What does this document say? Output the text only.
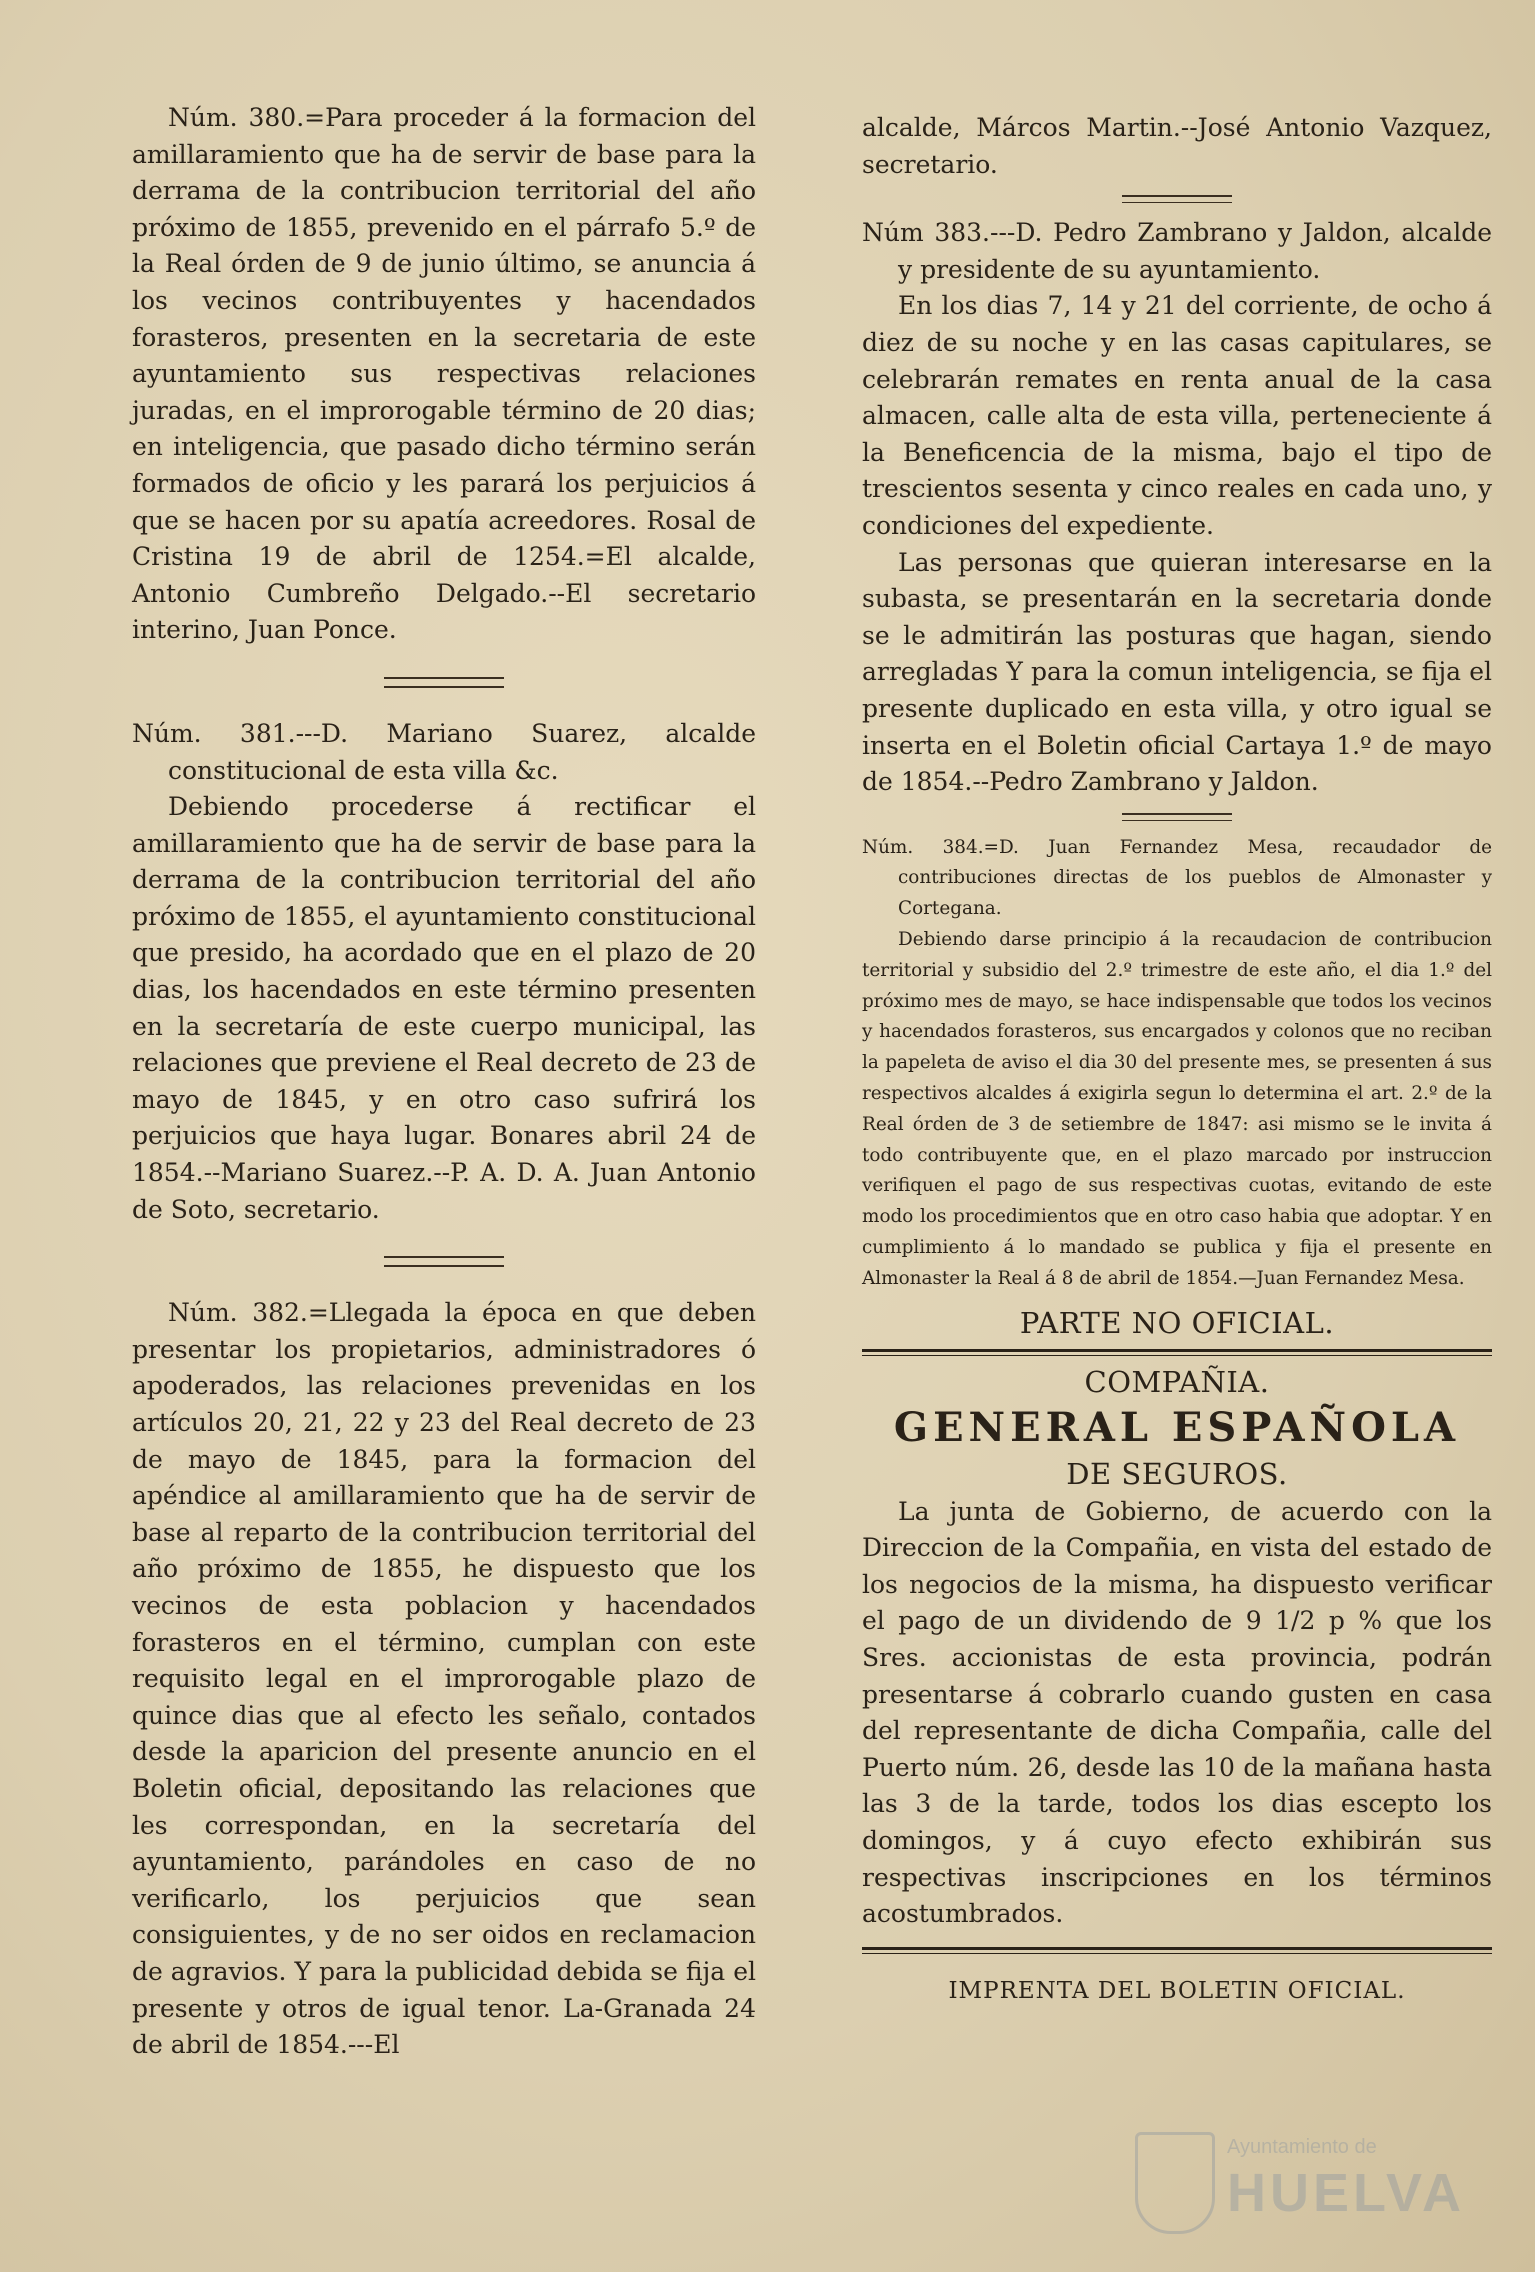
Núm. 380.=Para proceder á la formacion del amillaramiento que ha de servir de base para la derrama de la contribucion territorial del año próximo de 1855, prevenido en el párrafo 5.º de la Real órden de 9 de junio último, se anuncia á los vecinos contribuyentes y hacendados forasteros, presenten en la secretaria de este ayuntamiento sus respectivas relaciones juradas, en el improrogable término de 20 dias; en inteligencia, que pasado dicho término serán formados de oficio y les parará los perjuicios á que se hacen por su apatía acreedores. Rosal de Cristina 19 de abril de 1254.=El alcalde, Antonio Cumbreño Delgado.--El secretario interino, Juan Ponce.

Núm. 381.---D. Mariano Suarez, alcalde constitucional de esta villa &c.

Debiendo procederse á rectificar el amillaramiento que ha de servir de base para la derrama de la contribucion territorial del año próximo de 1855, el ayuntamiento constitucional que presido, ha acordado que en el plazo de 20 dias, los hacendados en este término presenten en la secretaría de este cuerpo municipal, las relaciones que previene el Real decreto de 23 de mayo de 1845, y en otro caso sufrirá los perjuicios que haya lugar. Bonares abril 24 de 1854.--Mariano Suarez.--P. A. D. A. Juan Antonio de Soto, secretario.

Núm. 382.=Llegada la época en que deben presentar los propietarios, administradores ó apoderados, las relaciones prevenidas en los artículos 20, 21, 22 y 23 del Real decreto de 23 de mayo de 1845, para la formacion del apéndice al amillaramiento que ha de servir de base al reparto de la contribucion territorial del año próximo de 1855, he dispuesto que los vecinos de esta poblacion y hacendados forasteros en el término, cumplan con este requisito legal en el improrogable plazo de quince dias que al efecto les señalo, contados desde la aparicion del presente anuncio en el Boletin oficial, depositando las relaciones que les correspondan, en la secretaría del ayuntamiento, parándoles en caso de no verificarlo, los perjuicios que sean consiguientes, y de no ser oidos en reclamacion de agravios. Y para la publicidad debida se fija el presente y otros de igual tenor. La-Granada 24 de abril de 1854.---El

alcalde, Márcos Martin.--José Antonio Vazquez, secretario.

Núm 383.---D. Pedro Zambrano y Jaldon, alcalde y presidente de su ayuntamiento.

En los dias 7, 14 y 21 del corriente, de ocho á diez de su noche y en las casas capitulares, se celebrarán remates en renta anual de la casa almacen, calle alta de esta villa, perteneciente á la Beneficencia de la misma, bajo el tipo de trescientos sesenta y cinco reales en cada uno, y condiciones del expediente.

Las personas que quieran interesarse en la subasta, se presentarán en la secretaria donde se le admitirán las posturas que hagan, siendo arregladas Y para la comun inteligencia, se fija el presente duplicado en esta villa, y otro igual se inserta en el Boletin oficial Cartaya 1.º de mayo de 1854.--Pedro Zambrano y Jaldon.

Núm. 384.=D. Juan Fernandez Mesa, recaudador de contribuciones directas de los pueblos de Almonaster y Cortegana.

Debiendo darse principio á la recaudacion de contribucion territorial y subsidio del 2.º trimestre de este año, el dia 1.º del próximo mes de mayo, se hace indispensable que todos los vecinos y hacendados forasteros, sus encargados y colonos que no reciban la papeleta de aviso el dia 30 del presente mes, se presenten á sus respectivos alcaldes á exigirla segun lo determina el art. 2.º de la Real órden de 3 de setiembre de 1847: asi mismo se le invita á todo contribuyente que, en el plazo marcado por instruccion verifiquen el pago de sus respectivas cuotas, evitando de este modo los procedimientos que en otro caso habia que adoptar. Y en cumplimiento á lo mandado se publica y fija el presente en Almonaster la Real á 8 de abril de 1854.—Juan Fernandez Mesa.

PARTE NO OFICIAL.
COMPAÑIA.
GENERAL ESPAÑOLA
DE SEGUROS.

La junta de Gobierno, de acuerdo con la Direccion de la Compañia, en vista del estado de los negocios de la misma, ha dispuesto verificar el pago de un dividendo de 9 1/2 p % que los Sres. accionistas de esta provincia, podrán presentarse á cobrarlo cuando gusten en casa del representante de dicha Compañia, calle del Puerto núm. 26, desde las 10 de la mañana hasta las 3 de la tarde, todos los dias escepto los domingos, y á cuyo efecto exhibirán sus respectivas inscripciones en los términos acostumbrados.

IMPRENTA DEL BOLETIN OFICIAL.
Ayuntamiento de
HUELVA
